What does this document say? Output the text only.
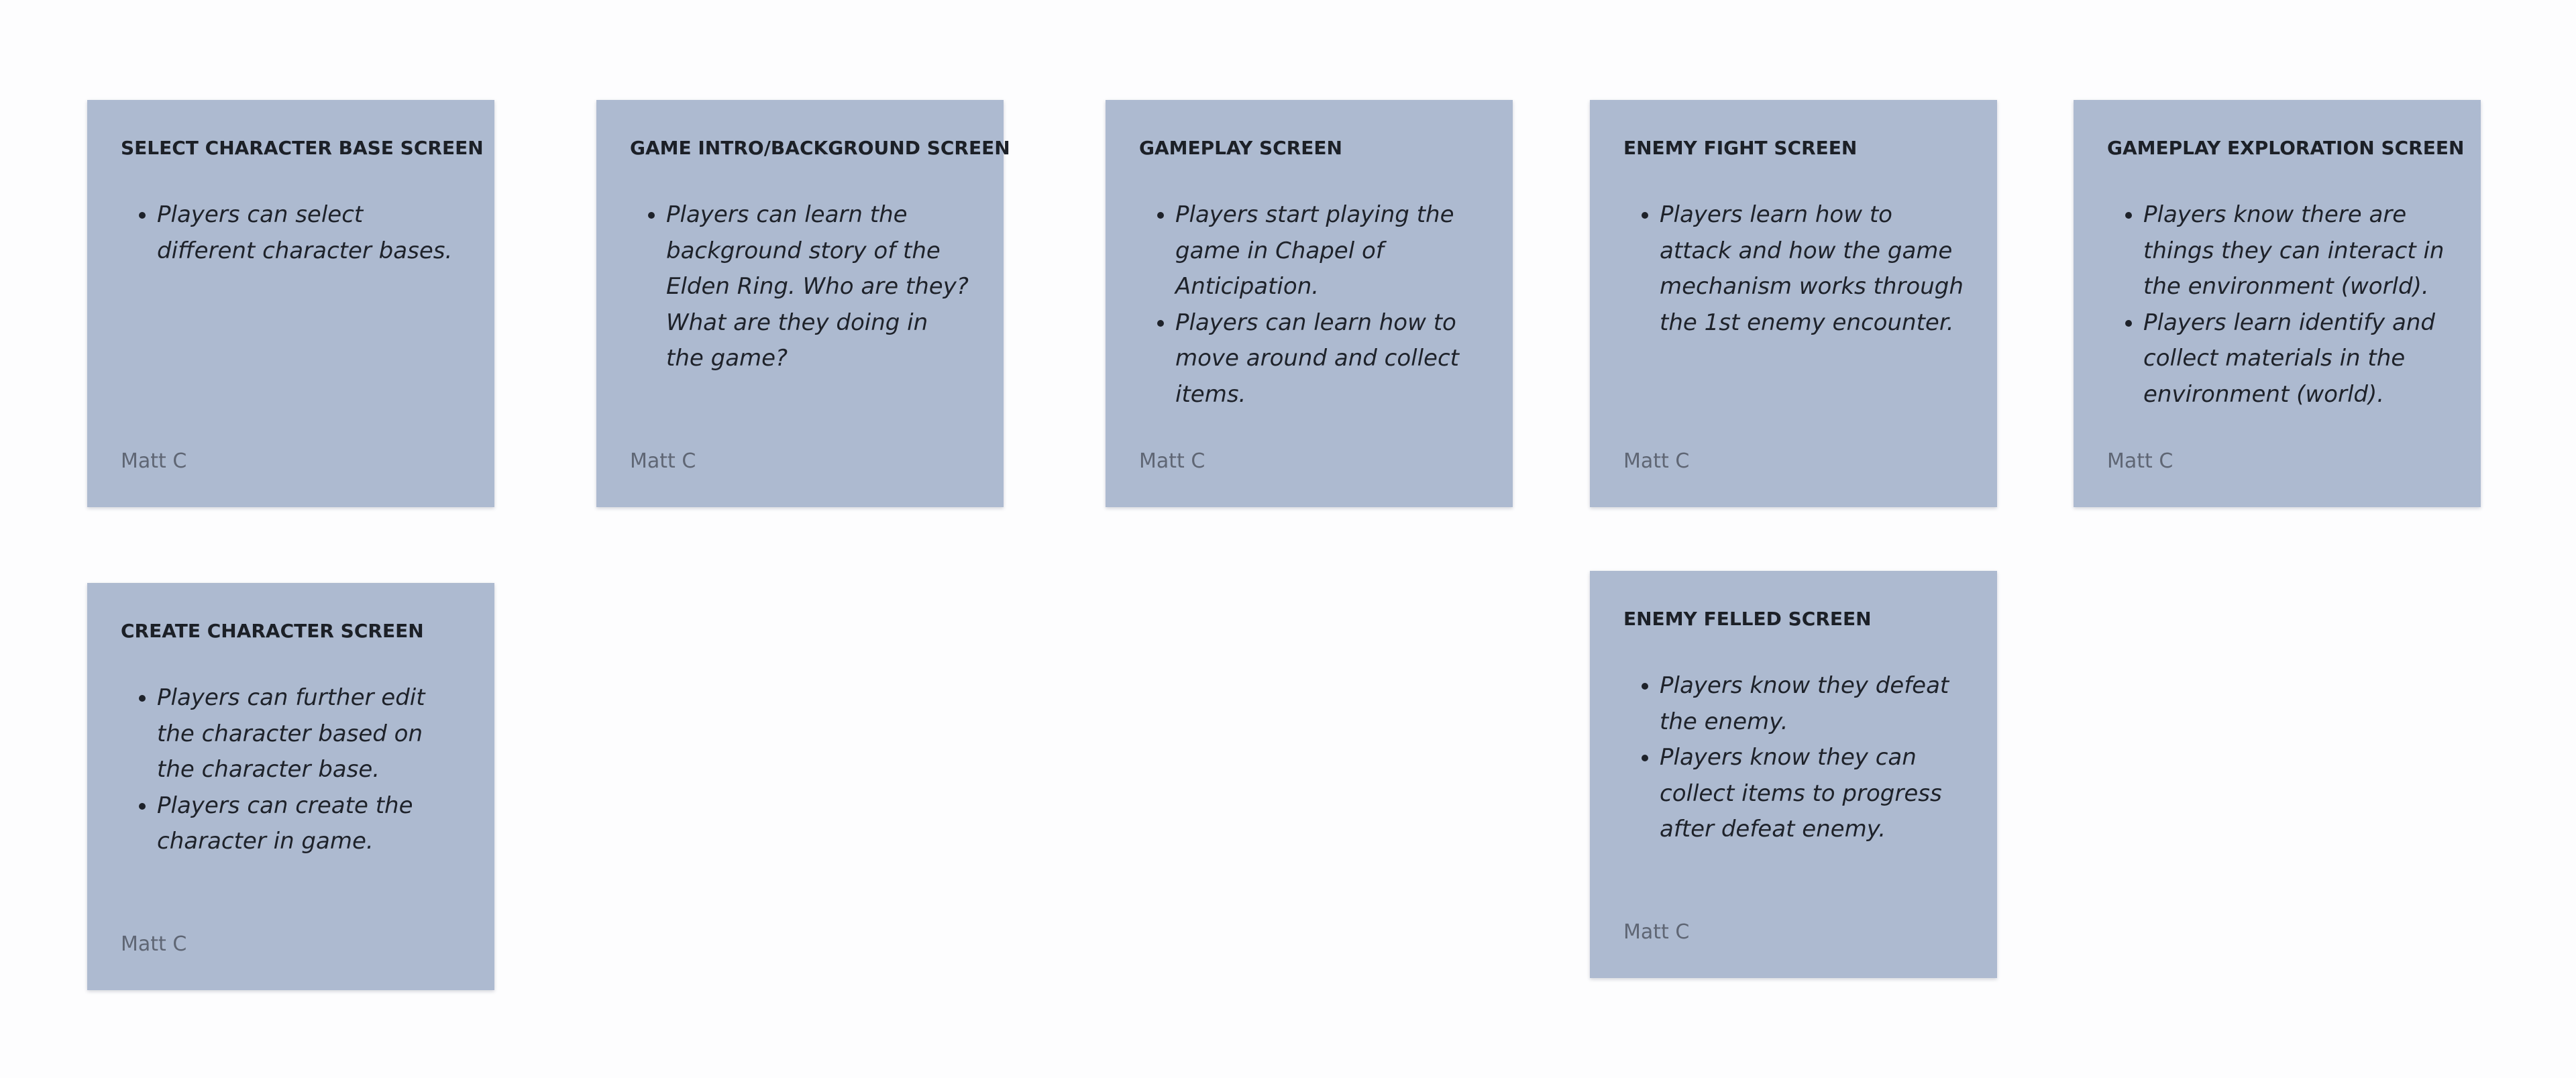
SELECT CHARACTER BASE SCREEN

• Players can select different character bases.

Matt C

GAME INTRO/BACKGROUND SCREEN

• Players can learn the background story of the Elden Ring. Who are they? What are they doing in the game?

Matt C

GAMEPLAY SCREEN

• Players start playing the game in Chapel of Anticipation.
• Players can learn how to move around and collect items.

Matt C

ENEMY FIGHT SCREEN

• Players learn how to attack and how the game mechanism works through the 1st enemy encounter.

Matt C

GAMEPLAY EXPLORATION SCREEN

• Players know there are things they can interact in the environment (world).
• Players learn identify and collect materials in the environment (world).

Matt C

CREATE CHARACTER SCREEN

• Players can further edit the character based on the character base.
• Players can create the character in game.

Matt C

ENEMY FELLED SCREEN

• Players know they defeat the enemy.
• Players know they can collect items to progress after defeat enemy.

Matt C
